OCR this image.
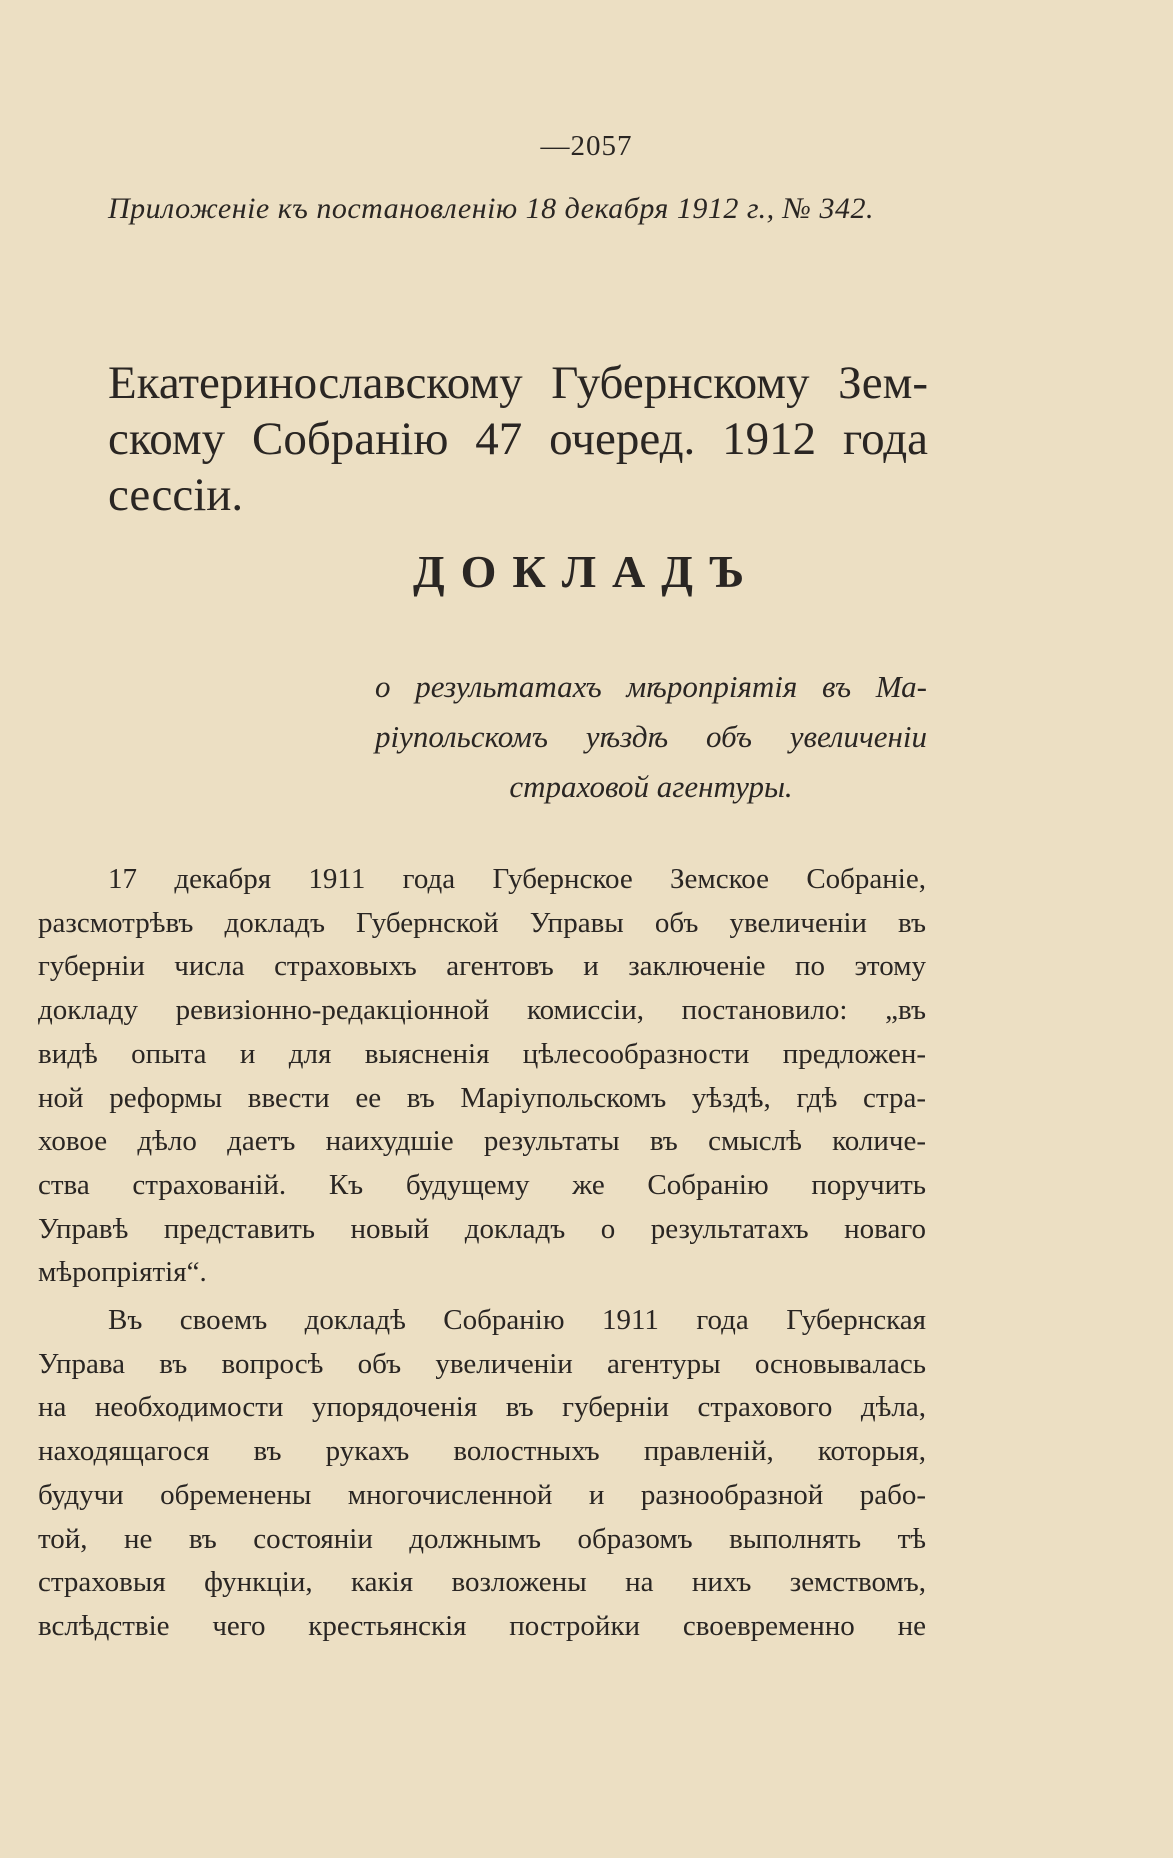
—2057
Приложеніе къ постановленію 18 декабря 1912 г., № 342.
Екатеринославскому Губернскому Зем-
скому Собранію 47 очеред. 1912 года сессіи.
ДОКЛАДЪ
о результатахъ мѣропріятія въ Ма-
ріупольскомъ уѣздѣ объ увеличеніи
страховой агентуры.
17 декабря 1911 года Губернское Земское Собраніе,
разсмотрѣвъ докладъ Губернской Управы объ увеличеніи въ
губерніи числа страховыхъ агентовъ и заключеніе по этому
докладу ревизіонно-редакціонной комиссіи, постановило: „въ
видѣ опыта и для выясненія цѣлесообразности предложен-
ной реформы ввести ее въ Маріупольскомъ уѣздѣ, гдѣ стра-
ховое дѣло даетъ наихудшіе результаты въ смыслѣ количе-
ства страхованій. Къ будущему же Собранію поручить
Управѣ представить новый докладъ о результатахъ новаго
мѣропріятія“.
Въ своемъ докладѣ Собранію 1911 года Губернская
Управа въ вопросѣ объ увеличеніи агентуры основывалась
на необходимости упорядоченія въ губерніи страхового дѣла,
находящагося въ рукахъ волостныхъ правленій, которыя,
будучи обременены многочисленной и разнообразной рабо-
той, не въ состояніи должнымъ образомъ выполнять тѣ
страховыя функціи, какія возложены на нихъ земствомъ,
вслѣдствіе чего крестьянскія постройки своевременно не
